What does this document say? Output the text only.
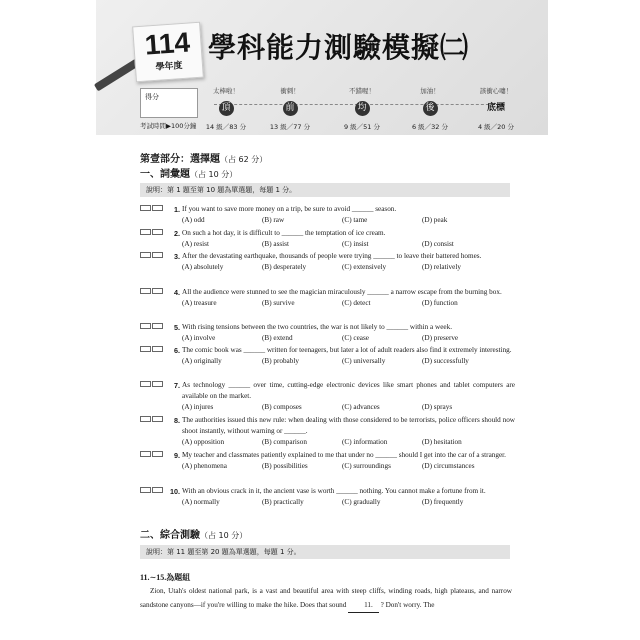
114
學年度
學科能力測驗模擬㈡
得分
考試時間▶100分鐘
太棒啦！
頂
14 級／83 分
衝刺！
前
13 級／77 分
不錯喔！
均
9 級／51 分
加油！
後
6 級／32 分
該衝心嘍！
底標
4 級／20 分
第壹部分：選擇題（占 62 分）
一、詞彙題（占 10 分）
說明：第 1 題至第 10 題為單選題，每題 1 分。
1. If you want to save more money on a trip, be sure to avoid ______ season.
(A) odd	(B) raw	(C) tame	(D) peak
2. On such a hot day, it is difficult to ______ the temptation of ice cream.
(A) resist	(B) assist	(C) insist	(D) consist
3. After the devastating earthquake, thousands of people were trying ______ to leave their battered homes.
(A) absolutely	(B) desperately	(C) extensively	(D) relatively
4. All the audience were stunned to see the magician miraculously ______ a narrow escape from the burning box.
(A) treasure	(B) survive	(C) detect	(D) function
5. With rising tensions between the two countries, the war is not likely to ______ within a week.
(A) involve	(B) extend	(C) cease	(D) preserve
6. The comic book was ______ written for teenagers, but later a lot of adult readers also find it extremely interesting.
(A) originally	(B) probably	(C) universally	(D) successfully
7. As technology ______ over time, cutting-edge electronic devices like smart phones and tablet computers are available on the market.
(A) injures	(B) composes	(C) advances	(D) sprays
8. The authorities issued this new rule: when dealing with those considered to be terrorists, police officers should now shoot instantly, without warning or ______.
(A) opposition	(B) comparison	(C) information	(D) hesitation
9. My teacher and classmates patiently explained to me that under no ______ should I get into the car of a stranger.
(A) phenomena	(B) possibilities	(C) surroundings	(D) circumstances
10. With an obvious crack in it, the ancient vase is worth ______ nothing. You cannot make a fortune from it.
(A) normally	(B) practically	(C) gradually	(D) frequently
二、綜合測驗（占 10 分）
說明：第 11 題至第 20 題為單選題，每題 1 分。
11.∼15.為題組
Zion, Utah's oldest national park, is a vast and beautiful area with steep cliffs, winding roads, high plateaus, and narrow sandstone canyons—if you're willing to make the hike. Does that sound 11. ? Don't worry. The
